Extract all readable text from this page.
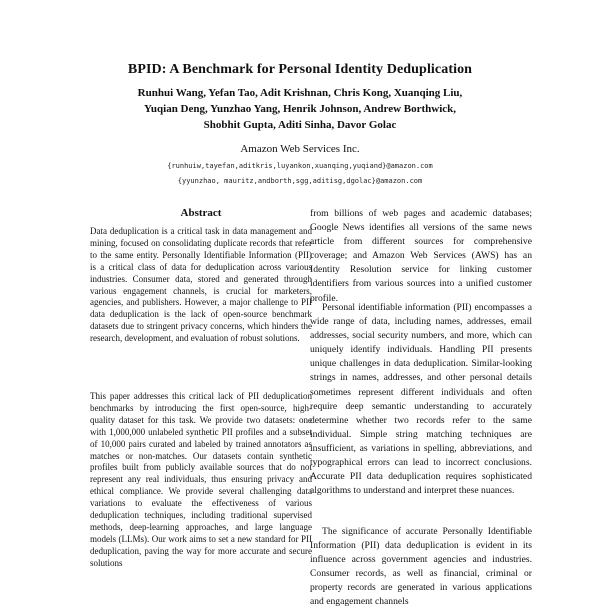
BPID: A Benchmark for Personal Identity Deduplication
Runhui Wang, Yefan Tao, Adit Krishnan, Chris Kong, Xuanqing Liu,
Yuqian Deng, Yunzhao Yang, Henrik Johnson, Andrew Borthwick,
Shobhit Gupta, Aditi Sinha, Davor Golac
Amazon Web Services Inc.
{runhuiw,tayefan,aditkris,luyankon,xuanqing,yuqiand}@amazon.com
{yyunzhao, mauritz,andborth,sgg,aditisg,dgolac}@amazon.com
Abstract

Data deduplication is a critical task in data management and mining, focused on consolidating duplicate records that refer to the same entity. Personally Identifiable Information (PII) is a critical class of data for deduplication across various industries. Consumer data, stored and generated through various engagement channels, is crucial for marketers, agencies, and publishers. However, a major challenge to PII data deduplication is the lack of open-source benchmark datasets due to stringent privacy concerns, which hinders the research, development, and evaluation of robust solutions.

This paper addresses this critical lack of PII deduplication benchmarks by introducing the first open-source, high-quality dataset for this task. We provide two datasets: one with 1,000,000 unlabeled synthetic PII profiles and a subset of 10,000 pairs curated and labeled by trained annotators as matches or non-matches. Our datasets contain synthetic profiles built from publicly available sources that do not represent any real individuals, thus ensuring privacy and ethical compliance. We provide several challenging data variations to evaluate the effectiveness of various deduplication techniques, including traditional supervised methods, deep-learning approaches, and large language models (LLMs). Our work aims to set a new standard for PII deduplication, paving the way for more accurate and secure solutions

from billions of web pages and academic databases; Google News identifies all versions of the same news article from different sources for comprehensive coverage; and Amazon Web Services (AWS) has an Identity Resolution service for linking customer identifiers from various sources into a unified customer profile.

Personal identifiable information (PII) encompasses a wide range of data, including names, addresses, email addresses, social security numbers, and more, which can uniquely identify individuals. Handling PII presents unique challenges in data deduplication. Similar-looking strings in names, addresses, and other personal details sometimes represent different individuals and often require deep semantic understanding to accurately determine whether two records refer to the same individual. Simple string matching techniques are insufficient, as variations in spelling, abbreviations, and typographical errors can lead to incorrect conclusions. Accurate PII data deduplication requires sophisticated algorithms to understand and interpret these nuances.

The significance of accurate Personally Identifiable Information (PII) data deduplication is evident in its influence across government agencies and industries. Consumer records, as well as financial, criminal or property records are generated in various applications and engagement channels
